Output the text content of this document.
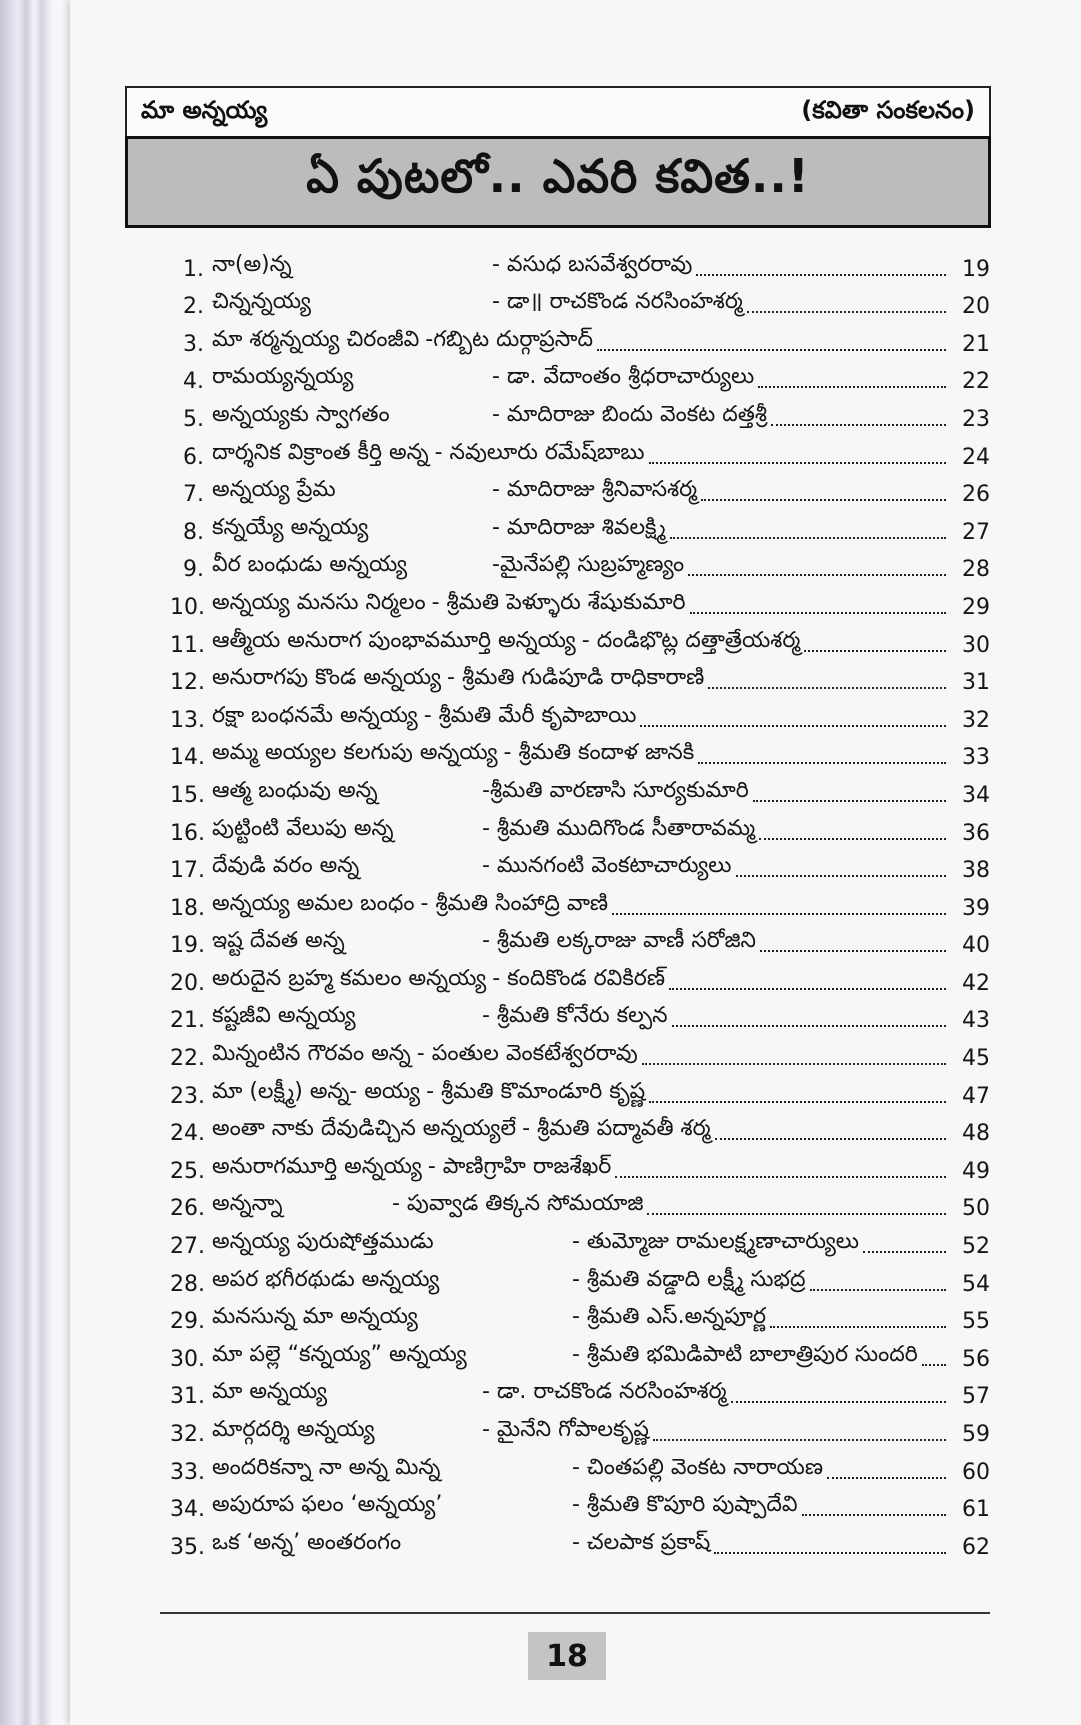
మా అన్నయ్య	(కవితా సంకలనం)
ఏ పుటలో.. ఎవరి కవిత..!
1. నా(అ)న్న	- వసుధ బసవేశ్వరరావు	19
2. చిన్నన్నయ్య	- డా॥ రాచకొండ నరసింహశర్మ	20
3. మా శర్మన్నయ్య చిరంజీవి -గబ్బిట దుర్గాప్రసాద్	21
4. రామయ్యన్నయ్య	- డా. వేదాంతం శ్రీధరాచార్యులు	22
5. అన్నయ్యకు స్వాగతం	- మాదిరాజు బిందు వెంకట దత్తశ్రీ	23
6. దార్శనిక విక్రాంత కీర్తి అన్న - నవులూరు రమేష్‌బాబు	24
7. అన్నయ్య ప్రేమ	- మాదిరాజు శ్రీనివాసశర్మ	26
8. కన్నయ్యే అన్నయ్య	- మాదిరాజు శివలక్ష్మి	27
9. వీర బంధుడు అన్నయ్య	-మైనేపల్లి సుబ్రహ్మణ్యం	28
10. అన్నయ్య మనసు నిర్మలం - శ్రీమతి పెళ్ళూరు శేషుకుమారి	29
11. ఆత్మీయ అనురాగ పుంభావమూర్తి అన్నయ్య - దండిభొట్ల దత్తాత్రేయశర్మ	30
12. అనురాగపు కొండ అన్నయ్య - శ్రీమతి గుడిపూడి రాధికారాణి	31
13. రక్షా బంధనమే అన్నయ్య - శ్రీమతి మేరీ కృపాబాయి	32
14. అమ్మ అయ్యల కలగుపు అన్నయ్య - శ్రీమతి కందాళ జానకి	33
15. ఆత్మ బంధువు అన్న	-శ్రీమతి వారణాసి సూర్యకుమారి	34
16. పుట్టింటి వేలుపు అన్న	- శ్రీమతి ముదిగొండ సీతారావమ్మ	36
17. దేవుడి వరం అన్న	- మునగంటి వెంకటాచార్యులు	38
18. అన్నయ్య అమల బంధం - శ్రీమతి సింహాద్రి వాణి	39
19. ఇష్ట దేవత అన్న	- శ్రీమతి లక్కరాజు వాణీ సరోజిని	40
20. అరుదైన బ్రహ్మ కమలం అన్నయ్య - కందికొండ రవికిరణ్	42
21. కష్టజీవి అన్నయ్య	- శ్రీమతి కోనేరు కల్పన	43
22. మిన్నంటిన గౌరవం అన్న - పంతుల వెంకటేశ్వరరావు	45
23. మా (లక్ష్మీ) అన్న- అయ్య - శ్రీమతి కొమాండూరి కృష్ణ	47
24. అంతా నాకు దేవుడిచ్చిన అన్నయ్యలే - శ్రీమతి పద్మావతీ శర్మ	48
25. అనురాగమూర్తి అన్నయ్య - పాణిగ్రాహి రాజశేఖర్	49
26. అన్నన్నా	- పువ్వాడ తిక్కన సోమయాజి	50
27. అన్నయ్య పురుషోత్తముడు	- తుమ్మోజు రామలక్ష్మణాచార్యులు	52
28. అపర భగీరథుడు అన్నయ్య	- శ్రీమతి వడ్డాది లక్ష్మీ సుభద్ర	54
29. మనసున్న మా అన్నయ్య	- శ్రీమతి ఎస్.అన్నపూర్ణ	55
30. మా పల్లె “కన్నయ్య” అన్నయ్య	- శ్రీమతి భమిడిపాటి బాలాత్రిపుర సుందరి	56
31. మా అన్నయ్య	- డా. రాచకొండ నరసింహశర్మ	57
32. మార్గదర్శి అన్నయ్య	- మైనేని గోపాలకృష్ణ	59
33. అందరికన్నా నా అన్న మిన్న	- చింతపల్లి వెంకట నారాయణ	60
34. అపురూప ఫలం ‘అన్నయ్య’	- శ్రీమతి కొపూరి పుష్పాదేవి	61
35. ఒక ‘అన్న’ అంతరంగం	- చలపాక ప్రకాష్	62
18
